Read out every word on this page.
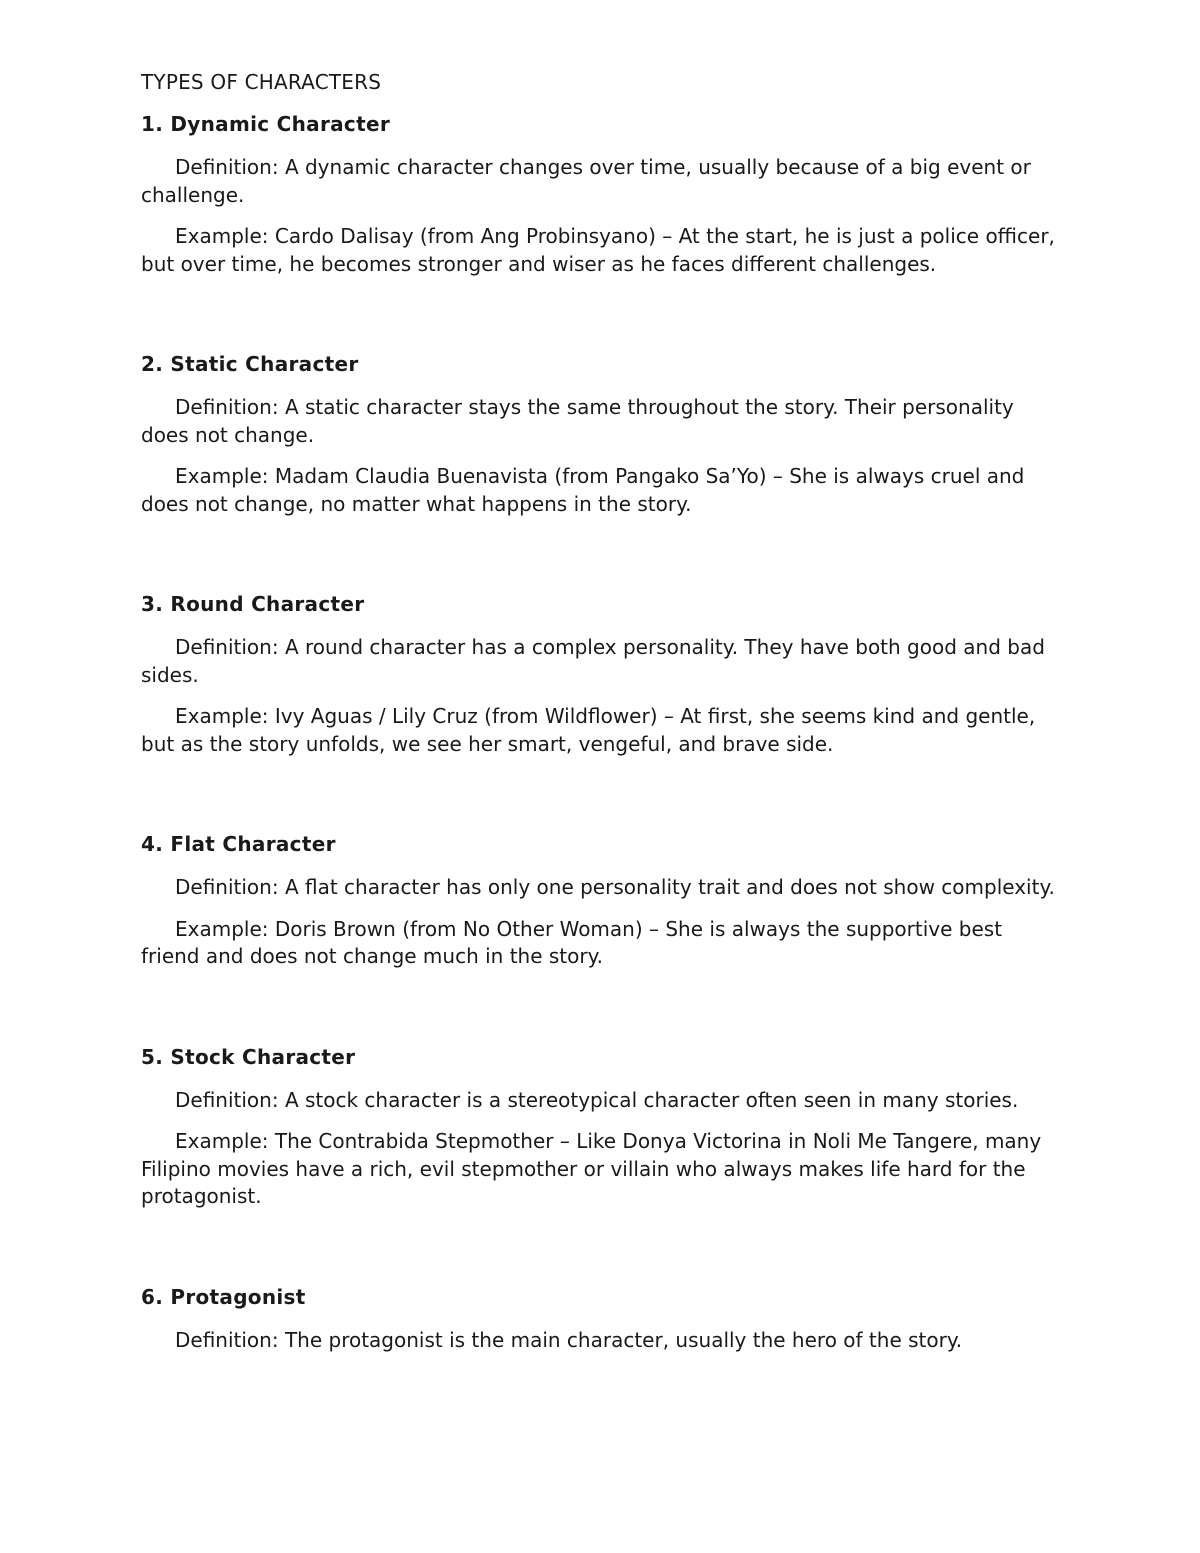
TYPES OF CHARACTERS
1. Dynamic Character

Definition: A dynamic character changes over time, usually because of a big event or challenge.

Example: Cardo Dalisay (from Ang Probinsyano) – At the start, he is just a police officer, but over time, he becomes stronger and wiser as he faces different challenges.

2. Static Character

Definition: A static character stays the same throughout the story. Their personality does not change.

Example: Madam Claudia Buenavista (from Pangako Sa’Yo) – She is always cruel and does not change, no matter what happens in the story.

3. Round Character

Definition: A round character has a complex personality. They have both good and bad sides.

Example: Ivy Aguas / Lily Cruz (from Wildflower) – At first, she seems kind and gentle, but as the story unfolds, we see her smart, vengeful, and brave side.

4. Flat Character

Definition: A flat character has only one personality trait and does not show complexity.

Example: Doris Brown (from No Other Woman) – She is always the supportive best friend and does not change much in the story.

5. Stock Character

Definition: A stock character is a stereotypical character often seen in many stories.

Example: The Contrabida Stepmother – Like Donya Victorina in Noli Me Tangere, many Filipino movies have a rich, evil stepmother or villain who always makes life hard for the protagonist.

6. Protagonist

Definition: The protagonist is the main character, usually the hero of the story.
